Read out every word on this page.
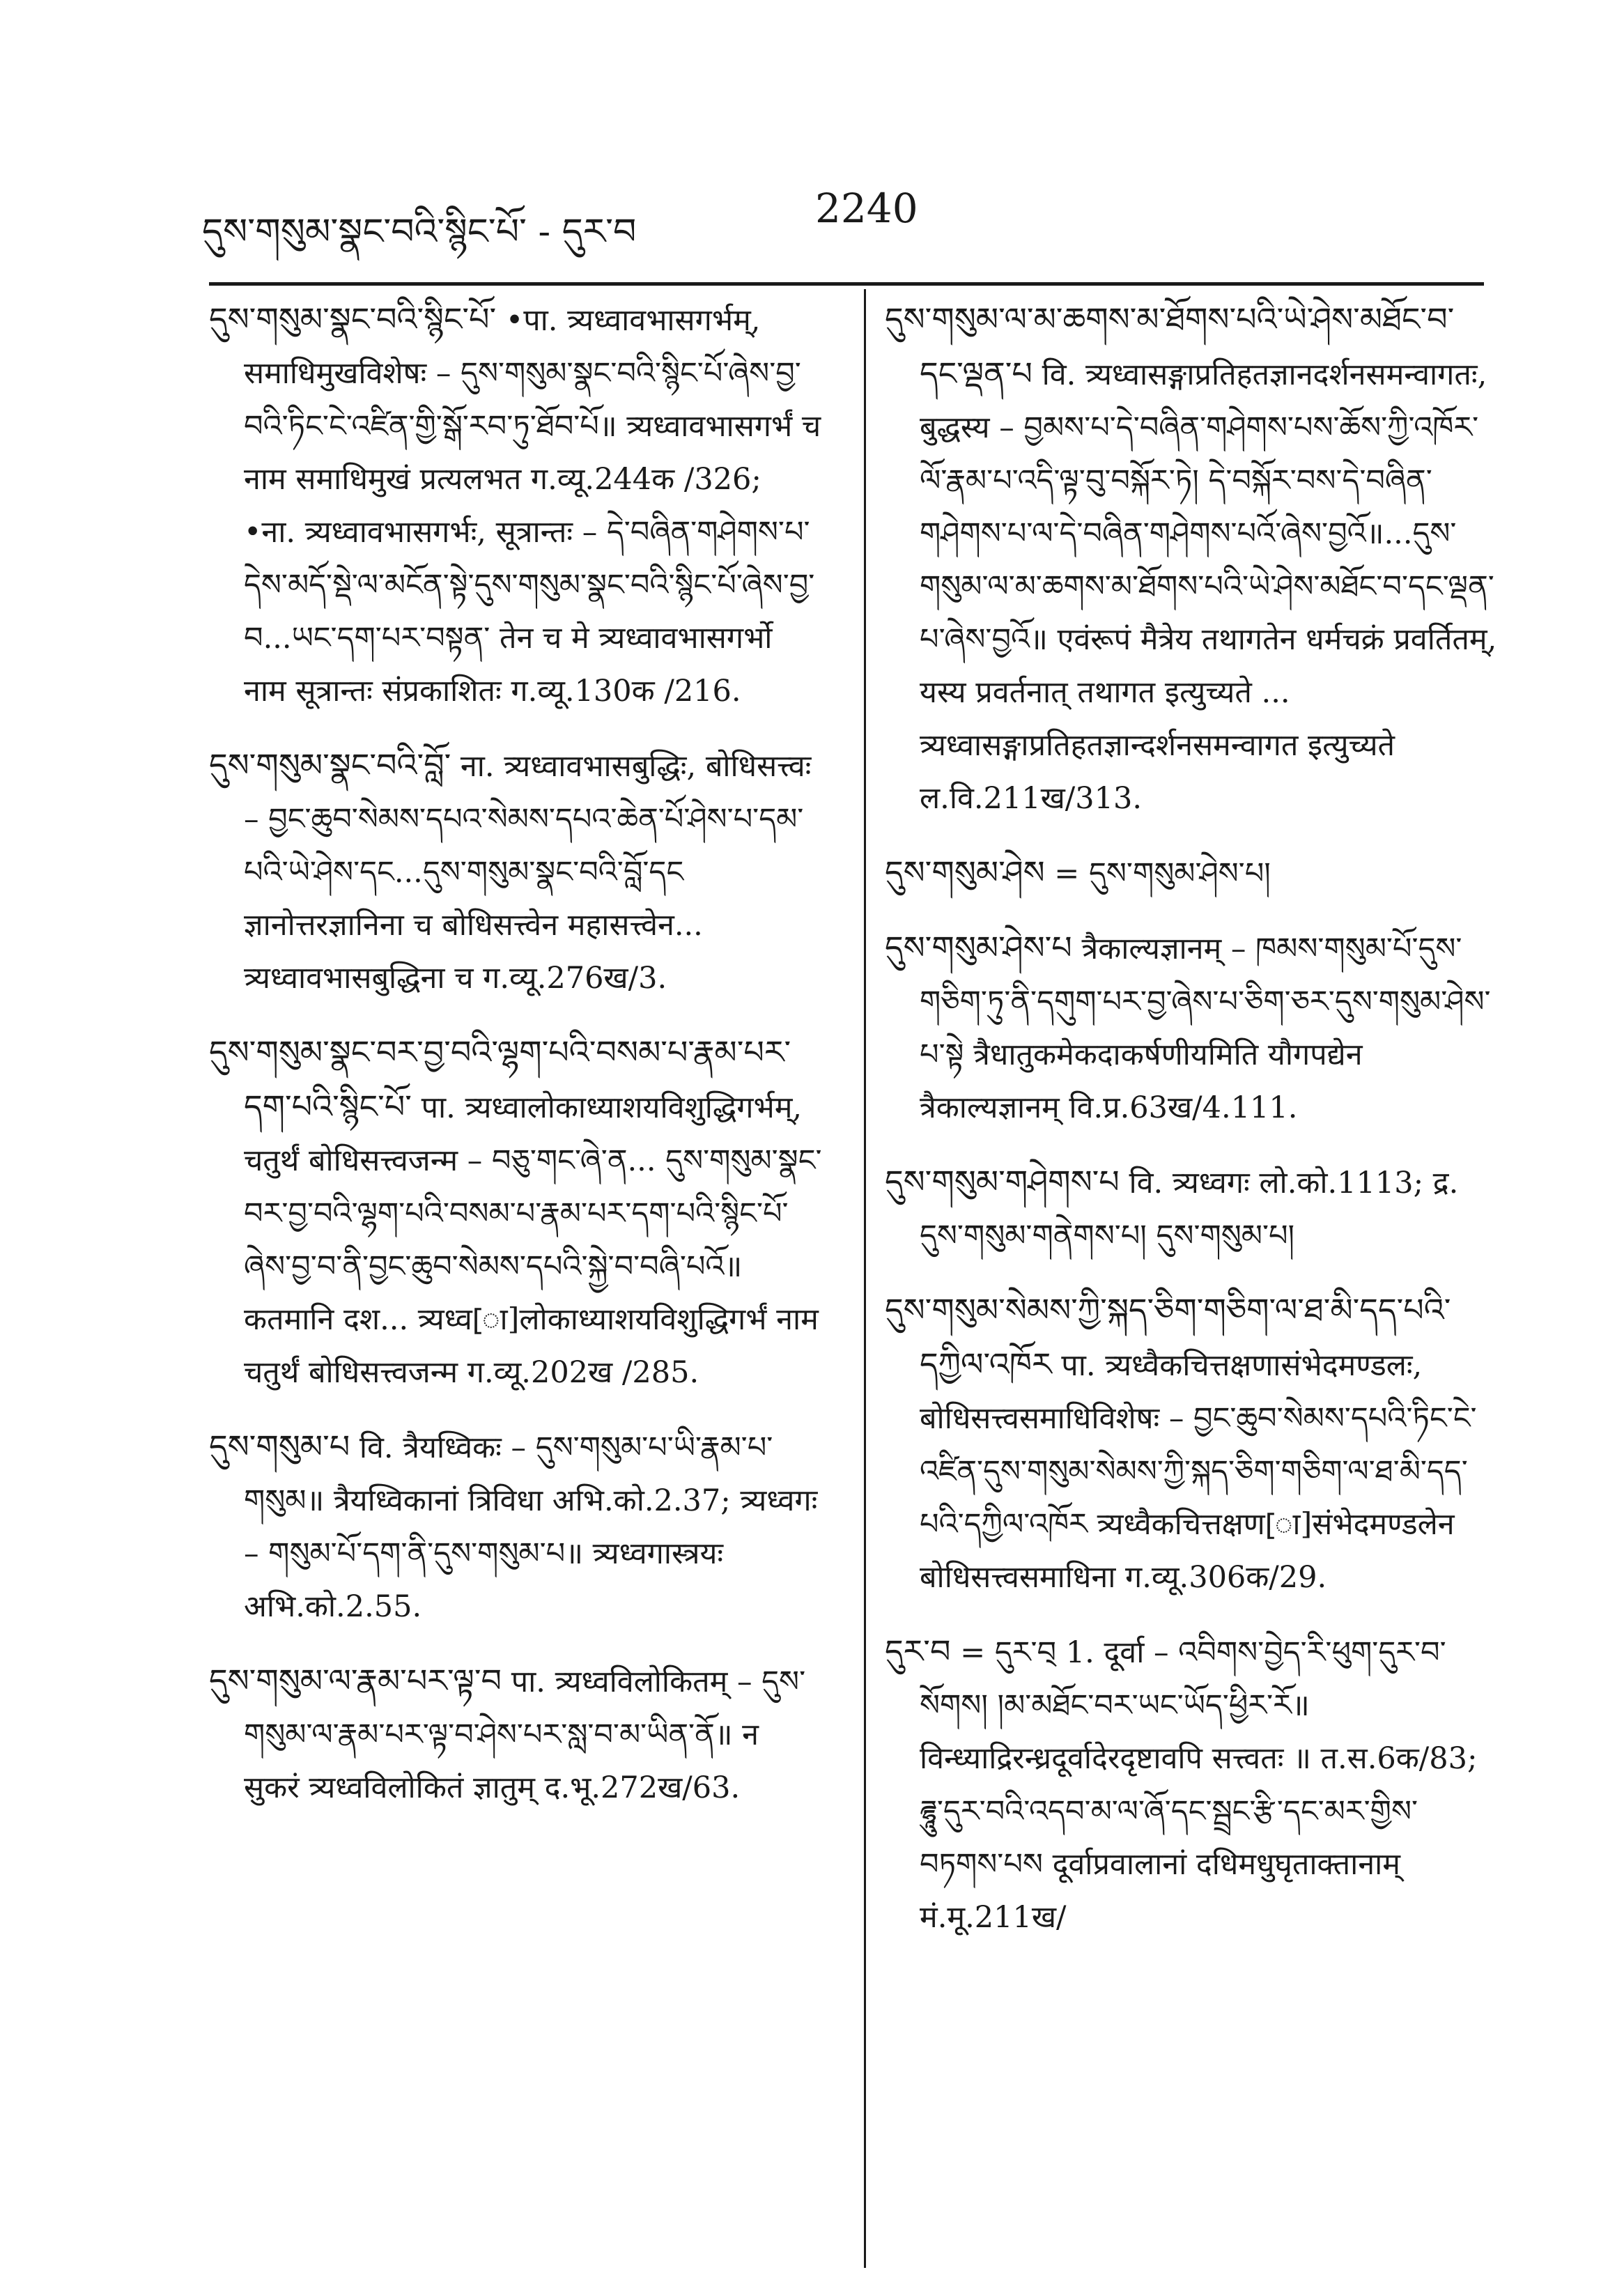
དུས་གསུམ་སྣང་བའི་སྙིང་པོ་ - དུར་བ	2240
དུས་གསུམ་སྣང་བའི་སྙིང་པོ་ •पा. त्र्यध्वावभासगर्भम्, समाधिमुखविशेषः – དུས་གསུམ་སྣང་བའི་སྙིང་པོ་ཞེས་བྱ་བའི་ཏིང་ངེ་འཛིན་གྱི་སྒོ་རབ་ཏུ་ཐོབ་པོ॥ त्र्यध्वावभासगर्भं च नाम समाधिमुखं प्रत्यलभत ग.व्यू.244क /326; •ना. त्र्यध्वावभासगर्भः, सूत्रान्तः – དེ་བཞིན་གཤེགས་པ་དེས་མདོ་སྡེ་ལ་མངོན་སྟེ་དུས་གསུམ་སྣང་བའི་སྙིང་པོ་ཞེས་བྱ་བ...ཡང་དག་པར་བསྟན་ तेन च मे त्र्यध्वावभासगर्भो नाम सूत्रान्तः संप्रकाशितः ग.व्यू.130क /216.
དུས་གསུམ་སྣང་བའི་བློ་ ना. त्र्यध्वावभासबुद्धिः, बोधिसत्त्वः – བྱང་ཆུབ་སེམས་དཔའ་སེམས་དཔའ་ཆེན་པོ་ཤེས་པ་དམ་པའི་ཡེ་ཤེས་དང...དུས་གསུམ་སྣང་བའི་བློ་དང ज्ञानोत्तरज्ञानिना च बोधिसत्त्वेन महासत्त्वेन... त्र्यध्वावभासबुद्धिना च ग.व्यू.276ख/3.
དུས་གསུམ་སྣང་བར་བྱ་བའི་ལྷག་པའི་བསམ་པ་རྣམ་པར་དག་པའི་སྙིང་པོ་ पा. त्र्यध्वालोकाध्याशयविशुद्धिगर्भम्, चतुर्थं बोधिसत्त्वजन्म – བཅུ་གང་ཞེ་ན... དུས་གསུམ་སྣང་བར་བྱ་བའི་ལྷག་པའི་བསམ་པ་རྣམ་པར་དག་པའི་སྙིང་པོ་ཞེས་བྱ་བ་ནི་བྱང་ཆུབ་སེམས་དཔའི་སྐྱེ་བ་བཞི་པའོ॥ कतमानि दश... त्र्यध्व[ा]लोकाध्याशयविशुद्धिगर्भं नाम चतुर्थं बोधिसत्त्वजन्म ग.व्यू.202ख /285.
དུས་གསུམ་པ वि. त्रैयध्विकः – དུས་གསུམ་པ་ཡི་རྣམ་པ་གསུམ॥ त्रैयध्विकानां त्रिविधा अभि.को.2.37; त्र्यध्वगः – གསུམ་པོ་དག་ནི་དུས་གསུམ་པ॥ त्र्यध्वगास्त्रयः अभि.को.2.55.
དུས་གསུམ་ལ་རྣམ་པར་ལྟ་བ पा. त्र्यध्वविलोकितम् – དུས་གསུམ་ལ་རྣམ་པར་ལྟ་བ་ཤེས་པར་སླ་བ་མ་ཡིན་ནོ॥ न सुकरं त्र्यध्वविलोकितं ज्ञातुम् द.भू.272ख/63.
དུས་གསུམ་ལ་མ་ཆགས་མ་ཐོགས་པའི་ཡེ་ཤེས་མཐོང་བ་དང་ལྡན་པ वि. त्र्यध्वासङ्गाप्रतिहतज्ञानदर्शनसमन्वागतः, बुद्धस्य – བྱམས་པ་དེ་བཞིན་གཤེགས་པས་ཆོས་ཀྱི་འཁོར་ལོ་རྣམ་པ་འདི་ལྟ་བུ་བསྐོར་ཏེ། དེ་བསྐོར་བས་དེ་བཞིན་གཤེགས་པ་ལ་དེ་བཞིན་གཤེགས་པའོ་ཞེས་བྱའོ॥...དུས་གསུམ་ལ་མ་ཆགས་མ་ཐོགས་པའི་ཡེ་ཤེས་མཐོང་བ་དང་ལྡན་པ་ཞེས་བྱའོ॥ एवंरूपं मैत्रेय तथागतेन धर्मचक्रं प्रवर्तितम्, यस्य प्रवर्तनात् तथागत इत्युच्यते ... त्र्यध्वासङ्गाप्रतिहतज्ञान्दर्शनसमन्वागत इत्युच्यते ल.वि.211ख/313.
དུས་གསུམ་ཤེས = དུས་གསུམ་ཤེས་པ།
དུས་གསུམ་ཤེས་པ त्रैकाल्यज्ञानम् – ཁམས་གསུམ་པོ་དུས་གཅིག་ཏུ་ནི་དགུག་པར་བྱ་ཞེས་པ་ཅིག་ཅར་དུས་གསུམ་ཤེས་པ་སྟེ त्रैधातुकमेकदाकर्षणीयमिति यौगपद्येन त्रैकाल्यज्ञानम् वि.प्र.63ख/4.111.
དུས་གསུམ་གཤེགས་པ वि. त्र्यध्वगः लो.को.1113; द्र. དུས་གསུམ་གནེགས་པ། དུས་གསུམ་པ།
དུས་གསུམ་སེམས་ཀྱི་སྐད་ཅིག་གཅིག་ལ་ཐ་མི་དད་པའི་དཀྱིལ་འཁོར पा. त्र्यध्वैकचित्तक्षणासंभेदमण्डलः, बोधिसत्त्वसमाधिविशेषः – བྱང་ཆུབ་སེམས་དཔའི་ཏིང་ངེ་འཛིན་དུས་གསུམ་སེམས་ཀྱི་སྐད་ཅིག་གཅིག་ལ་ཐ་མི་དད་པའི་དཀྱིལ་འཁོར त्र्यध्वैकचित्तक्षण[ा]संभेदमण्डलेन बोधिसत्त्वसमाधिना ग.व्यू.306क/29.
དུར་བ = དུར་བ྄ 1. दूर्वा – འབིགས་བྱེད་རི་ཕུག་དུར་བ་སོགས། །མ་མཐོང་བར་ཡང་ཡོད་ཕྱིར་རོ॥ विन्ध्याद्रिरन्ध्रदूर्वादेरदृष्टावपि सत्त्वतः ॥ त.स.6क/83; ཌྷཱུ་དུར་བའི་འདབ་མ་ལ་ཞོ་དང་སྦྲང་རྩི་དང་མར་གྱིས་བཏགས་པས दूर्वाप्रवालानां दधिमधुघृताक्तानाम् मं.मू.211ख/
